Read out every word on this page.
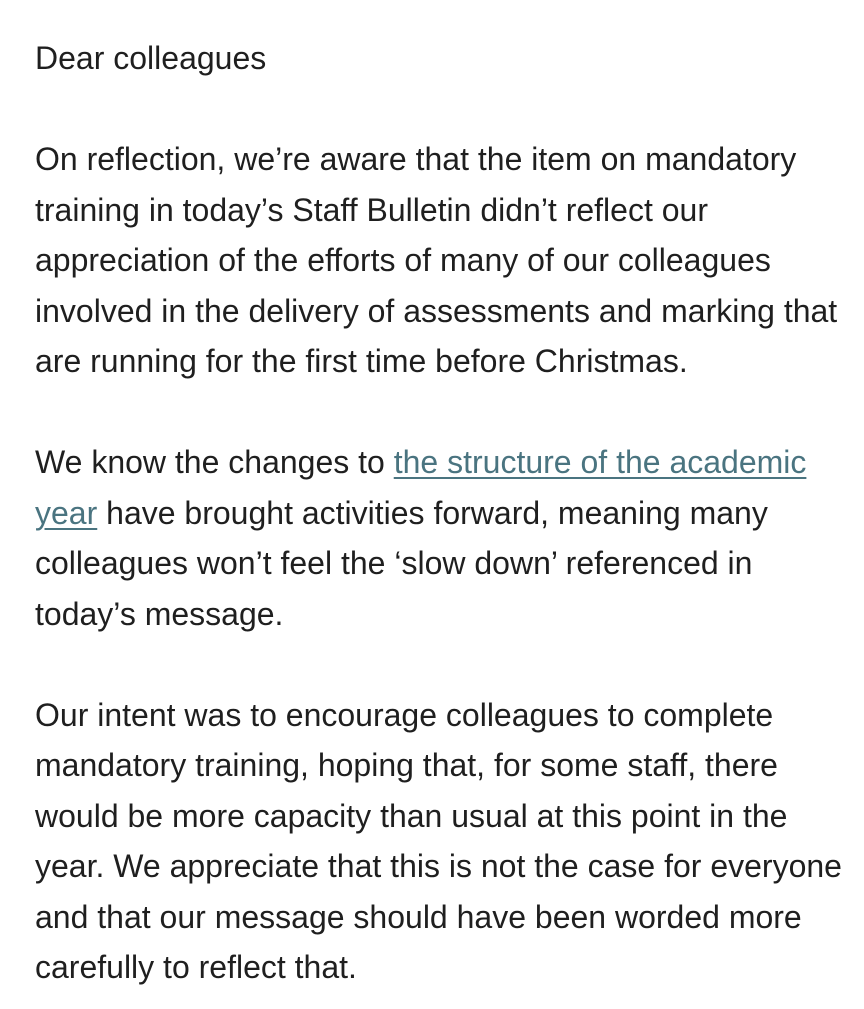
Dear colleagues

On reflection, we’re aware that the item on mandatory training in today’s Staff Bulletin didn’t reflect our appreciation of the efforts of many of our colleagues involved in the delivery of assessments and marking that are running for the first time before Christmas.

We know the changes to the structure of the academic year have brought activities forward, meaning many colleagues won’t feel the ‘slow down’ referenced in today’s message.

Our intent was to encourage colleagues to complete mandatory training, hoping that, for some staff, there would be more capacity than usual at this point in the year. We appreciate that this is not the case for everyone and that our message should have been worded more carefully to reflect that.
